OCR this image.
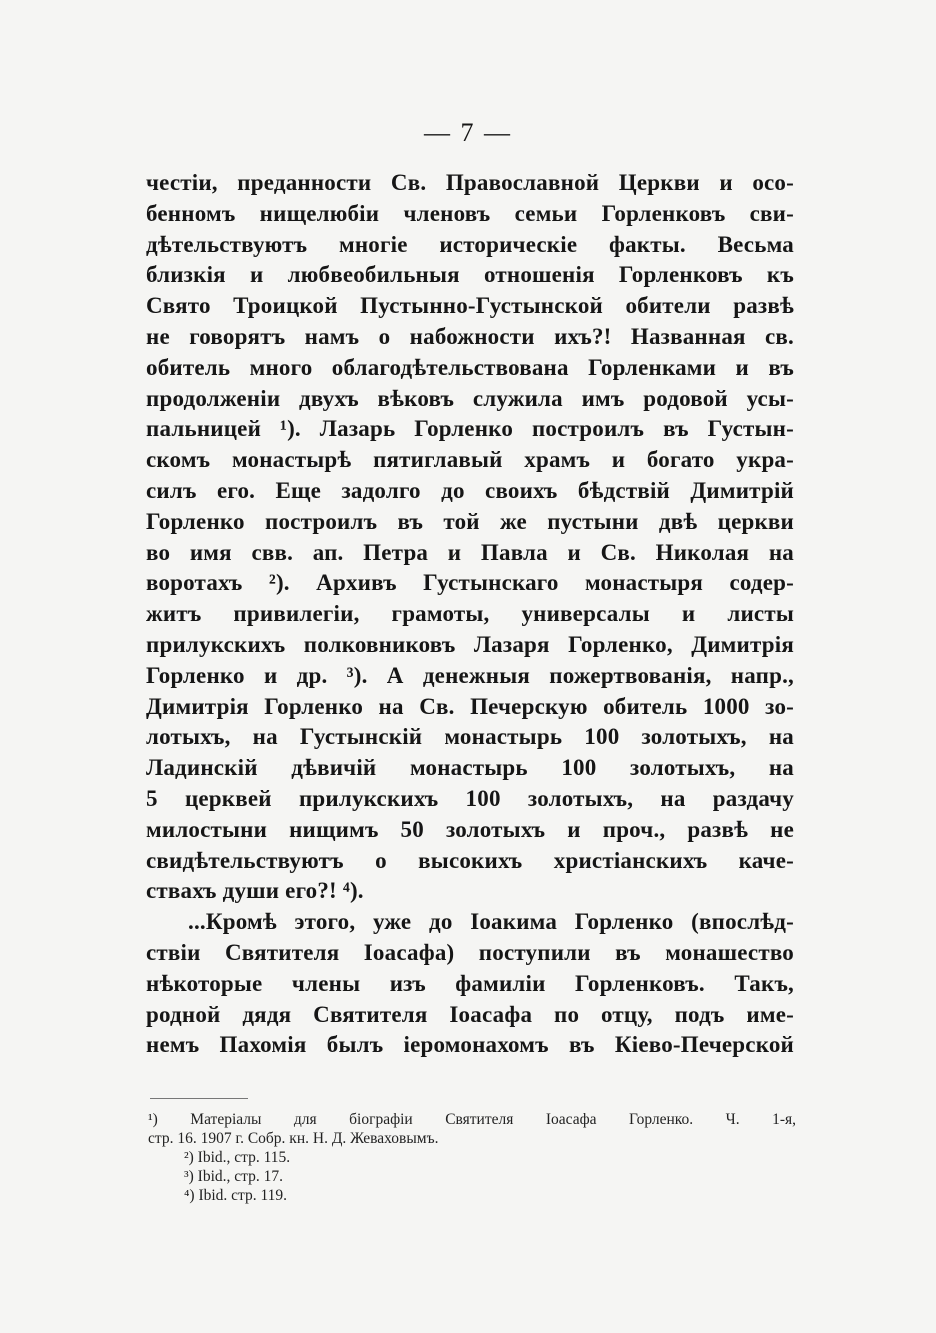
— 7 —
честіи, преданности Св. Православной Церкви и осо-
бенномъ нищелюбіи членовъ семьи Горленковъ сви-
дѣтельствуютъ многіе историческіе факты. Весьма
близкія и любвеобильныя отношенія Горленковъ къ
Свято Троицкой Пустынно-Густынской обители развѣ
не говорятъ намъ о набожности ихъ?! Названная св.
обитель много облагодѣтельствована Горленками и въ
продолженіи двухъ вѣковъ служила имъ родовой усы-
пальницей ¹). Лазарь Горленко построилъ въ Густын-
скомъ монастырѣ пятиглавый храмъ и богато укра-
силъ его. Еще задолго до своихъ бѣдствій Димитрій
Горленко построилъ въ той же пустыни двѣ церкви
во имя свв. ап. Петра и Павла и Св. Николая на
воротахъ ²). Архивъ Густынскаго монастыря содер-
житъ привилегіи, грамоты, универсалы и листы
прилукскихъ полковниковъ Лазаря Горленко, Димитрія
Горленко и др. ³). А денежныя пожертвованія, напр.,
Димитрія Горленко на Св. Печерскую обитель 1000 зо-
лотыхъ, на Густынскій монастырь 100 золотыхъ, на
Ладинскій дѣвичій монастырь 100 золотыхъ, на
5 церквей прилукскихъ 100 золотыхъ, на раздачу
милостыни нищимъ 50 золотыхъ и проч., развѣ не
свидѣтельствуютъ о высокихъ христіанскихъ каче-
ствахъ души его?! ⁴).
...Кромѣ этого, уже до Іоакима Горленко (впослѣд-
ствіи Святителя Іоасафа) поступили въ монашество
нѣкоторые члены изъ фамиліи Горленковъ. Такъ,
родной дядя Святителя Іоасафа по отцу, подъ име-
немъ Пахомія былъ іеромонахомъ въ Кіево-Печерской
¹) Матеріалы для біографіи Святителя Іоасафа Горленко. Ч. 1-я,
стр. 16. 1907 г. Собр. кн. Н. Д. Жеваховымъ.
²) Ibid., стр. 115.
³) Ibid., стр. 17.
⁴) Ibid. стр. 119.
